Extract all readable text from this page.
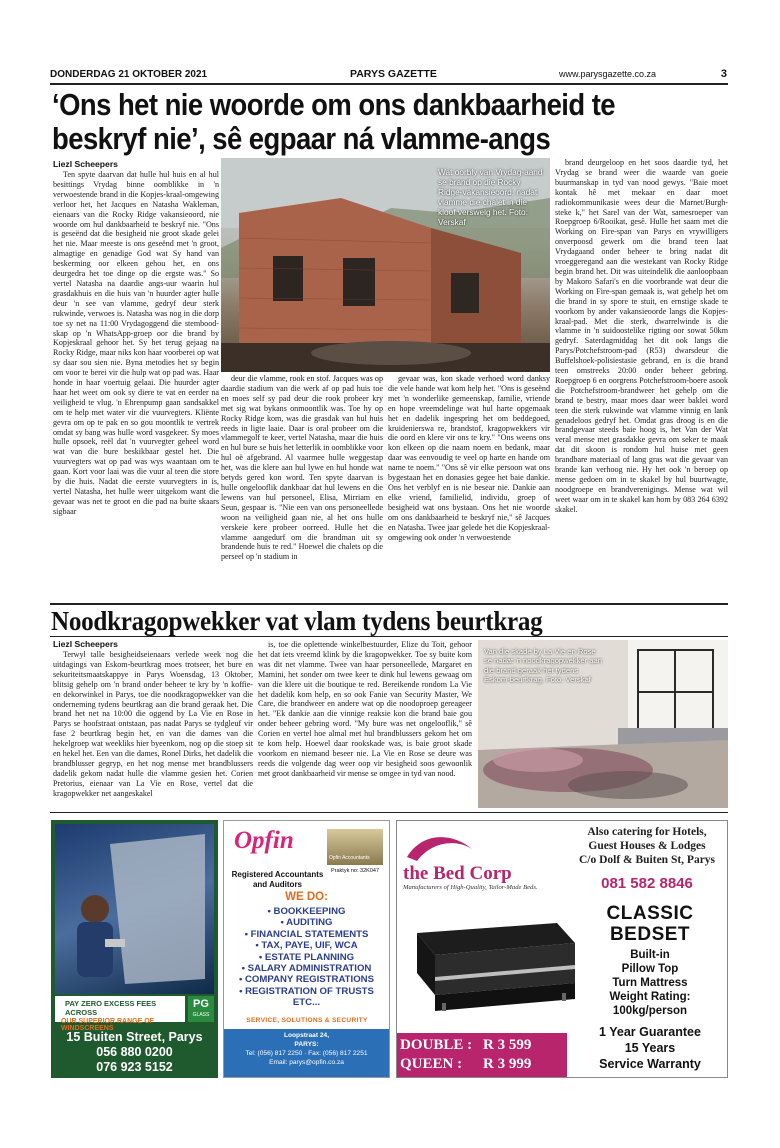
DONDERDAG 21 OKTOBER 2021	PARYS GAZETTE	www.parysgazette.co.za	3
‘Ons het nie woorde om ons dankbaarheid te
beskryf nie’, sê egpaar ná vlamme-angs
Liezl Scheepers

Ten spyte daarvan dat hulle hul huis en al hul besittings Vrydag binne oomblikke in 'n verwoestende brand in die Kopjes-kraal-omgewing verloor het, het Jacques en Natasha Wakleman, eienaars van die Rocky Ridge vakansieoord, nie woorde om hul dankbaarheid te beskryf nie. "Ons is geseënd dat die besigheid nie groot skade gelei het nie. Maar meeste is ons geseënd met 'n groot, almagtige en genadige God wat Sy hand van beskerming oor elkeen gehou het, en ons deurgedra het toe dinge op die ergste was." So vertel Natasha na daardie angs-uur waarin hul grasdakhuis en die huis van 'n huurder agter hulle deur 'n see van vlamme, gedryf deur sterk rukwinde, verwoes is. Natasha was nog in die dorp toe sy net na 11:00 Vrydagoggend die stembood-skap op 'n WhatsApp-groep oor die brand by Kopjeskraal gehoor het. Sy het terug gejaag na Rocky Ridge, maar niks kon haar voorberei op wat sy daar sou sien nie. Byna metodies het sy begin om voor te berei vir die hulp wat op pad was. Haar honde in haar voertuig gelaai. Die huurder agter haar het weet om ook sy diere te vat en eerder na veiligheid te vlug. 'n Ehrenpump gaan sandsakkel om te help met water vir die vuurvegters. Kliënte gevra om op te pak en so gou moontlik te vertrek omdat sy bang was hulle word vasgekeer. Sy moes hulle opsoek, reël dat 'n vuurvegter geheel word wat van die bure beskikbaar gestel het. Die vuurvegters wat op pad was wys waantaan om te gaan. Kort voor laai was die vuur al teen die store by die huis. Nadat die eerste vuurvegters in is, vertel Natasha, het hulle weer uitgekom want die gevaar was net te groot en die pad na buite skaars sigbaar

Wat oorbly van Vrydag-aand se brand op die Rocky Ridge-vakansieoord, nadat vlamme die chalet in die kloof verswelg het. Foto: Verskaf

deur die vlamme, rook en stof. Jacques was op daardie stadium van die werk af op pad huis toe en moes self sy pad deur die rook probeer kry met sig wat bykans onmoontlik was. Toe hy op Rocky Ridge kom, was die grasdak van hul huis reeds in ligte laaie. Daar is oral probeer om die vlammegolf te keer, vertel Natasha, maar die huis en hul bure se huis het letterlik in oomblikke voor hul oë afgebrand. Al vaarmee hulle weggestap het, was die klere aan hul lywe en hul honde wat betyds gered kon word. Ten spyte daarvan is hulle ongelooflik dankbaar dat hul lewens en die lewens van hul personeel, Elisa, Mirriam en Seun, gespaar is. "Nie een van ons personeellede woon na veiligheid gaan nie, al het ons hulle verskeie kere probeer oorreed. Hulle het die vlamme aangedurf om die brandman uit sy brandende huis te red." Hoewel die chalets op die perseel op 'n stadium in

gevaar was, kon skade verhoed word danksy die vele hande wat kom help het. "Ons is geseënd met 'n wonderlike gemeenskap, familie, vriende en hope vreemdelinge wat hul harte opgemaak het en dadelik ingespring het om beddegoed, kruidenierswa re, brandstof, kragopwekkers vir die oord en klere vir ons te kry." "Ons weens ons kon elkeen op die naam noem en bedank, maar daar was eenvoudig te veel op harte en hande om name te noem." "Ons sê vir elke persoon wat ons bygestaan het en donasies gegee het baie dankie. Ons het verblyf en is nie besear nie. Dankie aan elke vriend, familielid, individu, groep of besigheid wat ons bystaan. Ons het nie woorde om ons dankbaarheid te beskryf nie," sê Jacques en Natasha. Twee jaar gelede het die Kopjeskraal-omgewing ook onder 'n verwoestende

brand deurgeloop en het soos daardie tyd, het Vrydag se brand weer die waarde van goeie buurmanskap in tyd van nood gewys. "Baie moet kontak hê met mekaar en daar moet radiokommunikasie wees deur die Marnet/Burgh-steke k," het Sarel van der Wat, samesroeper van Roepgroep 6/Rooikat, gesê. Hulle het saam met die Working on Fire-span van Parys en vrywilligers onverpoosd gewerk om die brand teen laat Vrydagaand onder beheer te bring nadat dit vroeggeregand aan die westekant van Rocky Ridge begin brand het. Dit was uiteindelik die aanloopbaan by Makoro Safari's en die voorbrande wat deur die Working on Fire-span gemaak is, wat gehelp het om die brand in sy spore te stuit, en ernstige skade te voorkom by ander vakansieoorde langs die Kopjes-kraal-pad. Met die sterk, dwarrelwinde is die vlamme in 'n suidoostelike rigting oor sowat 50km gedryf. Saterdagmiddag het dit ook langs die Parys/Potchefstroom-pad (R53) dwarsdeur die Buffelshoek-polisiestasie gebrand, en is die brand teen omstreeks 20:00 onder beheer gebring. Roepgroep 6 en oorgrens Potchefstroom-boere asook die Potchefstroom-brandweer het gehelp om die brand te bestry, maar moes daar weer baklei word teen die sterk rukwinde wat vlamme vinnig en lank genadeloos gedryf het. Omdat gras droog is en die brandgevaar steeds baie hoog is, het Van der Wat veral mense met grasdakke gevra om seker te maak dat dit skoon is rondom hul huise met geen brandbare materiaal of lang gras wat die gevaar van brande kan verhoog nie. Hy het ook 'n beroep op mense gedoen om in te skakel by hul buurtwagte, noodgroepe en brandverenigings. Mense wat wil weet waar om in te skakel kan hom by 083 264 6392 skakel.

Noodkragopwekker vat vlam tydens beurtkrag
Liezl Scheepers

Terwyl talle besigheidseienaars verlede week nog die uitdagings van Eskom-beurtkrag moes trotseer, het bure en sekuriteitsmaatskappye in Parys Woensdag, 13 Oktober, blitsig gehelp om 'n brand onder beheer te kry by 'n koffie- en dekorwinkel in Parys, toe die noodkragopwekker van die onderneming tydens beurtkrag aan die brand geraak het. Die brand het net na 10:00 die oggend by La Vie en Rose in Parys se hoofstraat ontstaan, pas nadat Parys se tydgleuf vir fase 2 beurtkrag begin het, en van die dames van die hekelgroep wat weekliks hier byeenkom, nog op die stoep sit en hekel het. Een van die dames, Ronel Dirks, het dadelik die brandblusser gegryp, en het nog mense met brandblussers dadelik gekom nadat hulle die vlamme gesien het. Corien Pretorius, eienaar van La Vie en Rose, vertel dat die kragopwekker net aangeskakel

is, toe die oplettende winkelbestuurder, Elize du Toit, gehoor het dat iets vreemd klink by die kragopwekker. Toe sy buite kom was dit net vlamme. Twee van haar personeellede, Margaret en Mamini, het sonder om twee keer te dink hul lewens gewaag om van die klere uit die boutique te red. Bereikende rondom La Vie het dadelik kom help, en so ook Fanie van Security Master, We Care, die brandweer en andere wat op die noodoproep gereageer het. "Ek dankie aan die vinnige reaksie kon die brand baie gou onder beheer gebring word. "My bure was net ongelooflik," sê Corien en vertel hoe almal met hul brandblussers gekom het om te kom help. Hoewel daar rookskade was, is baie groot skade voorkom en niemand beseer nie. La Vie en Rose se deure was reeds die volgende dag weer oop vir besigheid soos gewoonlik met groot dankbaarheid vir mense se omgee in tyd van nood.

Van die skade by La Vie en Rose se nadat 'n noodkragopwekker aan die brand geraak het tydens Eskom-beurtkrag. Foto: Verskaf
PAY ZERO EXCESS FEES ACROSS
OUR SUPERIOR RANGE OF WINDSCREENS
PG
GLASS
15 Buiten Street, Parys
056 880 0200
076 923 5152
Opfin
Opfin Accountants
Praktyk no: 32K047
Registered Accountants
and Auditors
WE DO:
• BOOKKEEPING
• AUDITING
• FINANCIAL STATEMENTS
• TAX, PAYE, UIF, WCA
• ESTATE PLANNING
• SALARY ADMINISTRATION
• COMPANY REGISTRATIONS
• REGISTRATION OF TRUSTS
ETC...
SERVICE, SOLUTIONS & SECURITY
Loopstraat 24,
PARYS:
Tel: (056) 817 2250 · Fax: (056) 817 2251
Email: parys@opfin.co.za
the Bed Corp
Manufacturers of High-Quality, Tailor-Made Beds.
Also catering for Hotels,
Guest Houses & Lodges
C/o Dolf & Buiten St, Parys
081 582 8846
CLASSIC
BEDSET
Built-in
Pillow Top
Turn Mattress
Weight Rating:
100kg/person
1 Year Guarantee
15 Years
Service Warranty
DOUBLE : R 3 599
QUEEN : R 3 999
